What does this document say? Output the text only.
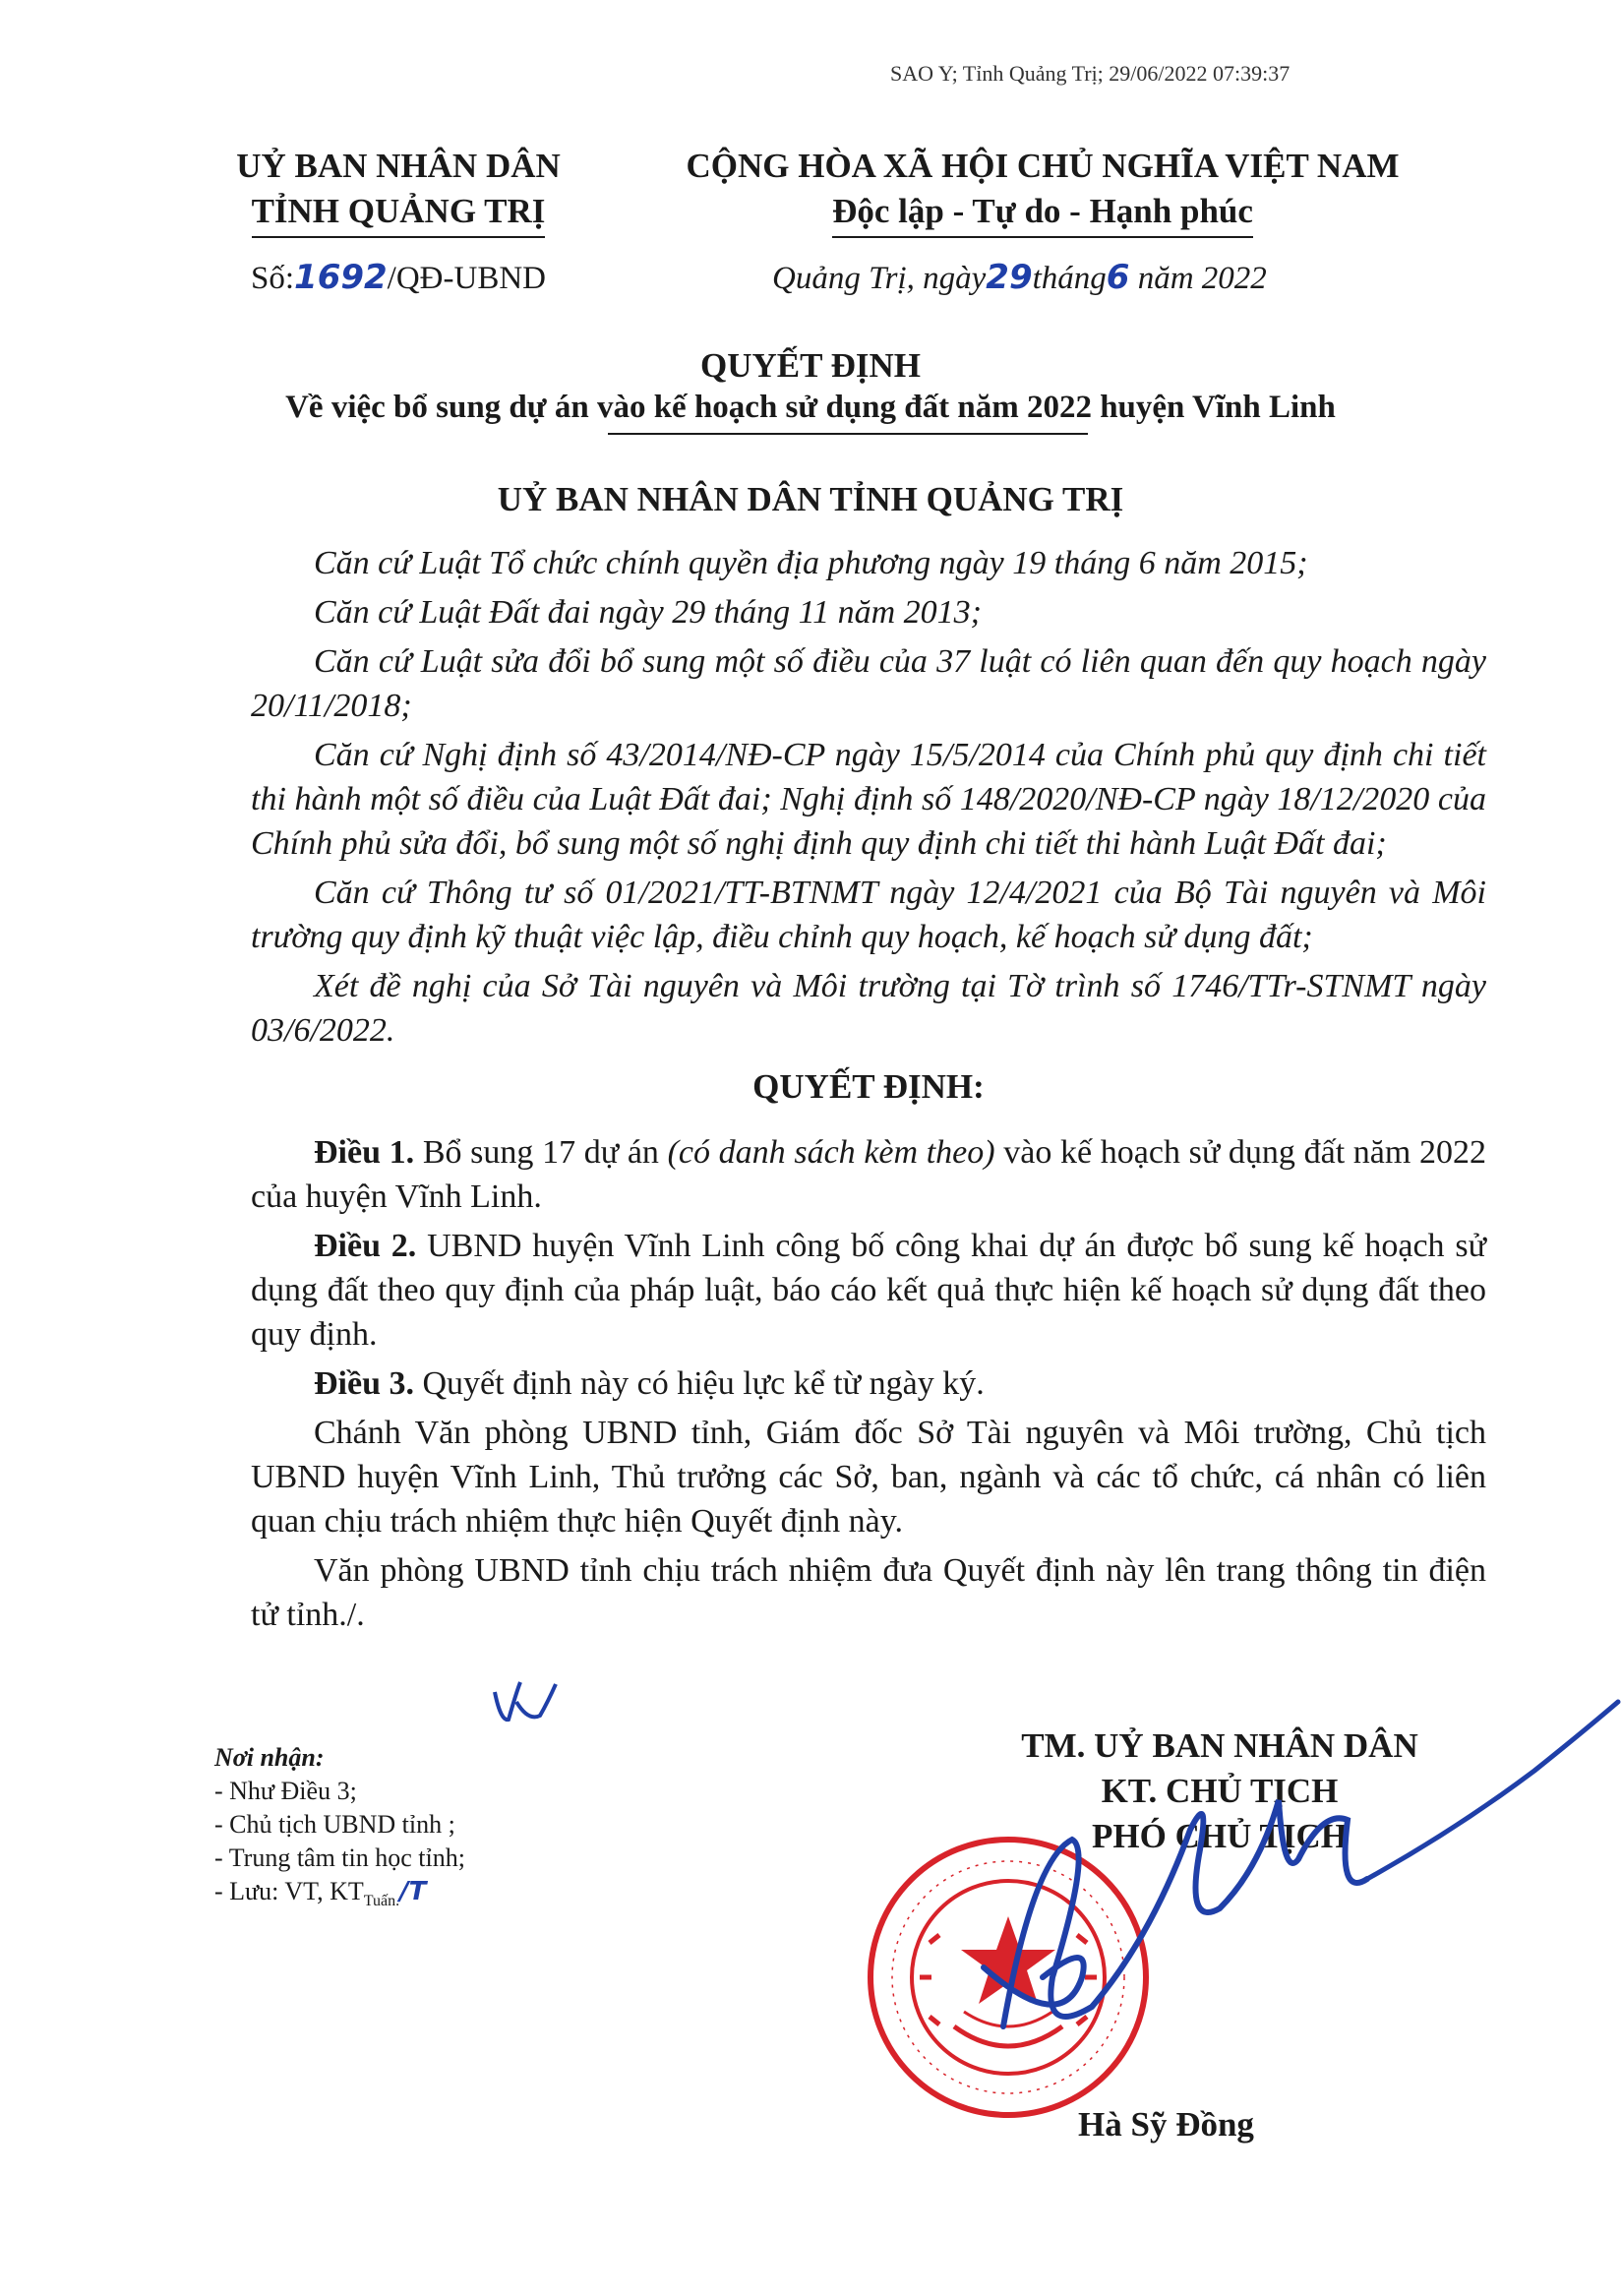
SAO Y; Tỉnh Quảng Trị; 29/06/2022 07:39:37
UỶ BAN NHÂN DÂN
TỈNH QUẢNG TRỊ
CỘNG HÒA XÃ HỘI CHỦ NGHĨA VIỆT NAM
Độc lập - Tự do - Hạnh phúc
Số:1692/QĐ-UBND	Quảng Trị, ngày29tháng6 năm 2022
QUYẾT ĐỊNH
Về việc bổ sung dự án vào kế hoạch sử dụng đất năm 2022 huyện Vĩnh Linh
UỶ BAN NHÂN DÂN TỈNH QUẢNG TRỊ

Căn cứ Luật Tổ chức chính quyền địa phương ngày 19 tháng 6 năm 2015;

Căn cứ Luật Đất đai ngày 29 tháng 11 năm 2013;

Căn cứ Luật sửa đổi bổ sung một số điều của 37 luật có liên quan đến quy hoạch ngày 20/11/2018;

Căn cứ Nghị định số 43/2014/NĐ-CP ngày 15/5/2014 của Chính phủ quy định chi tiết thi hành một số điều của Luật Đất đai; Nghị định số 148/2020/NĐ-CP ngày 18/12/2020 của Chính phủ sửa đổi, bổ sung một số nghị định quy định chi tiết thi hành Luật Đất đai;

Căn cứ Thông tư số 01/2021/TT-BTNMT ngày 12/4/2021 của Bộ Tài nguyên và Môi trường quy định kỹ thuật việc lập, điều chỉnh quy hoạch, kế hoạch sử dụng đất;

Xét đề nghị của Sở Tài nguyên và Môi trường tại Tờ trình số 1746/TTr-STNMT ngày 03/6/2022.

QUYẾT ĐỊNH:

Điều 1. Bổ sung 17 dự án (có danh sách kèm theo) vào kế hoạch sử dụng đất năm 2022 của huyện Vĩnh Linh.

Điều 2. UBND huyện Vĩnh Linh công bố công khai dự án được bổ sung kế hoạch sử dụng đất theo quy định của pháp luật, báo cáo kết quả thực hiện kế hoạch sử dụng đất theo quy định.

Điều 3. Quyết định này có hiệu lực kể từ ngày ký.

Chánh Văn phòng UBND tỉnh, Giám đốc Sở Tài nguyên và Môi trường, Chủ tịch UBND huyện Vĩnh Linh, Thủ trưởng các Sở, ban, ngành và các tổ chức, cá nhân có liên quan chịu trách nhiệm thực hiện Quyết định này.

Văn phòng UBND tỉnh chịu trách nhiệm đưa Quyết định này lên trang thông tin điện tử tỉnh./.

Nơi nhận:
- Như Điều 3;
- Chủ tịch UBND tỉnh ;
- Trung tâm tin học tỉnh;
- Lưu: VT, $KT_{Tuấn.}/T$
TM. UỶ BAN NHÂN DÂN
KT. CHỦ TỊCH
PHÓ CHỦ TỊCH
Hà Sỹ Đồng
